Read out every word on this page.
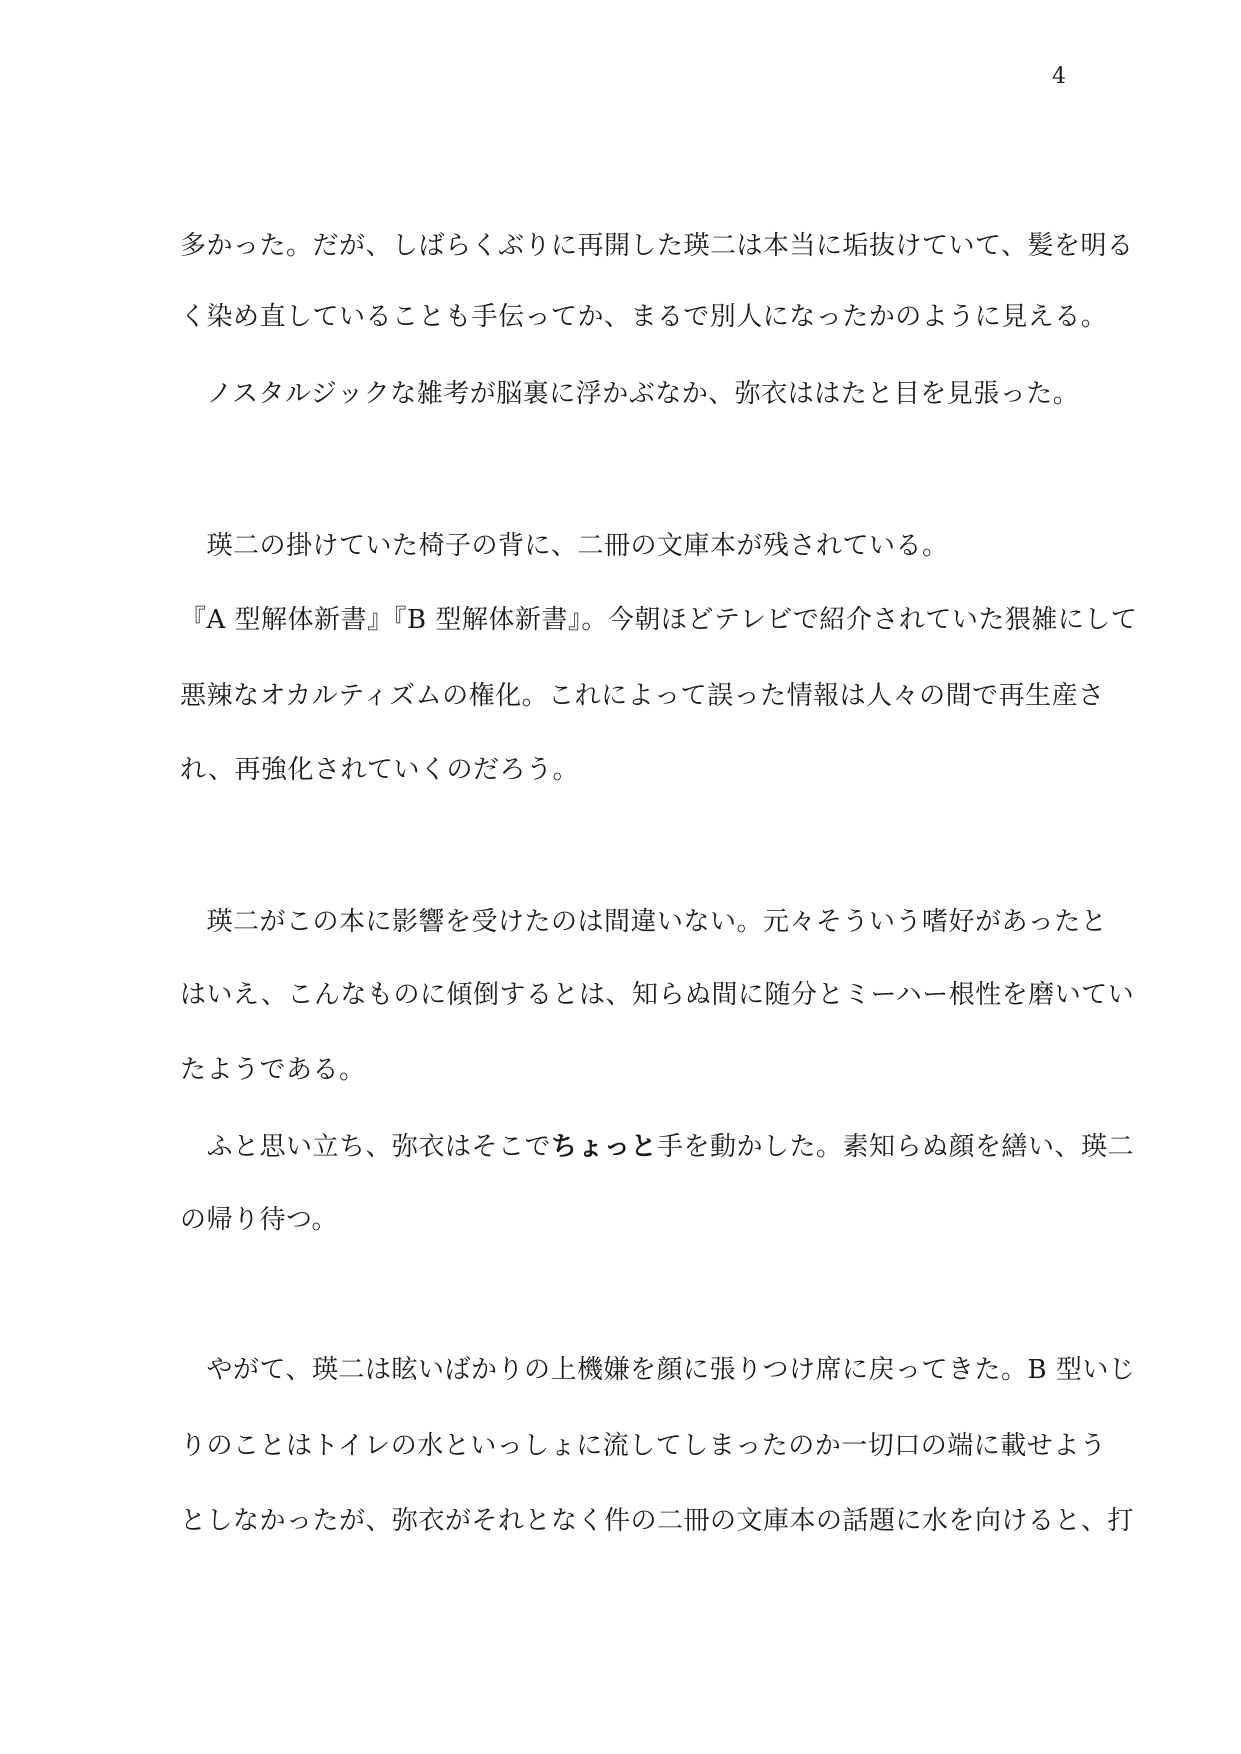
4
多かった。だが、しばらくぶりに再開した瑛二は本当に垢抜けていて、髪を明る
く染め直していることも手伝ってか、まるで別人になったかのように見える。
　ノスタルジックな雑考が脳裏に浮かぶなか、弥衣ははたと目を見張った。
　瑛二の掛けていた椅子の背に、二冊の文庫本が残されている。
『A 型解体新書』『B 型解体新書』。今朝ほどテレビで紹介されていた猥雑にして
悪辣なオカルティズムの権化。これによって誤った情報は人々の間で再生産さ
れ、再強化されていくのだろう。
　瑛二がこの本に影響を受けたのは間違いない。元々そういう嗜好があったと
はいえ、こんなものに傾倒するとは、知らぬ間に随分とミーハー根性を磨いてい
たようである。
　ふと思い立ち、弥衣はそこでちょっと手を動かした。素知らぬ顔を繕い、瑛二
の帰り待つ。
　やがて、瑛二は眩いばかりの上機嫌を顔に張りつけ席に戻ってきた。B 型いじ
りのことはトイレの水といっしょに流してしまったのか一切口の端に載せよう
としなかったが、弥衣がそれとなく件の二冊の文庫本の話題に水を向けると、打
